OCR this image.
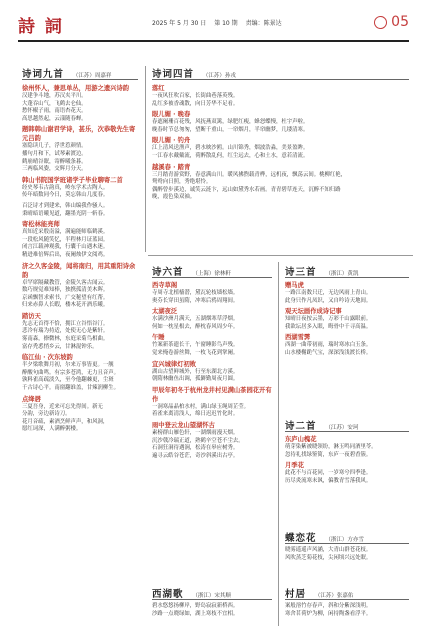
詩 詞	2025 年 5 月 30 日 第 10 期 责编：陈景达	05
诗词九首 （江苏）周嘉祥
徐州怀人，兼思单丛，用游之遗兴诗韵
汉建争斗地，苏汉夹平川。
大蓬吞山气，飞鹤去仑仙。
愁怀椒子雨，南语杏花天。
高思越然起，云漾随春蝉。
题韩韩山谢君学诗，甚乐，次恭敬先生寄元吕韵
塞隐读几子，浮世惹颜情。
播句月和下，试琴素渡边。
鹤崩晴谷眠，寄醉曦条暮。
三两临风姿，交辉月分天。
韩山书院国学班诸学子毕业聊寄二首
经史琴韦古韵真，岭东学术古陶人。
传年暗数同今日，莫忘韩山几度春。
百泛诗才到建来，韩山编我作骚人。
秉晴暗语曦见道，翻墨光阴一斩春。
寄松林能亮师
真知近采殷南溢，满遍能师临鹤溪。
一段松风随笑忆，半程林月证蓝园。
闭言江载神观我，行囊千山遇木迷。
精进难倍辉后出，夜阑烛伊文阅鸡。
济之久客金陵，闻将南归，用其重阳诗余韵
卓罕席隔藏教管，金陵久客古闻云。
数巧规觉难知棒，独携孤清美木晖。
京函飘智求索书，广交秘望有红帮。
归来赤鼻人长暇，楼木花开酒乐曦。
踏访天
先志无首得不恰，拥江立谷悟谷汀。
悲冷有瑞为持适，处使无心是紫轩。
雾南森，撩微林，东庭采菊鸟相曲。
富存秃悉悄乡云，甘淋混钟乐。
临江仙 · 次东坡韵
半夕梁歌舞月初，尔来万事皆更。一舰
醉酸句曲鸣。有宗多苍鸿，无力且音声。
孰料雀高疏淡久，至今他翻棘更，尘斑
千古诗心平。南窗翻谁盖，甘辣润柳生。
点绛唇
三夏吾身，近来可忘先得间。新无
分韵，旁边新诗刀。
花月音疏，素酒烹鲜声声，和风洞，
愿红词深，人满醉粥楼。
诗词四首 （江苏）孙戎
落红
一夜风狂吹百家，长街曲巷落英残。
乱红多被香魂散，向日芳华不足看。
眼儿媚 · 晚春
春遮阑珊百花残，风抚燕双篱，绿肥红瘦，蜂怒蝶慢，杜宇声啦。
晚春时节总匆匆，望断千重山，一帘烟月，半帘幽梦，几缕清寒。
眼儿媚 · 钓舟
江上清风送渔声，碧水映沙鸥。山川锦秀，烟波浩淼，美景盈眸。
一江春水戴戴流，荷醉散乱何，红尘远去，心和土水，意若清流。
越溪春 · 踏青
三月踏青游赏野，春意满山川。暖风拂煦载青桦，远机夜，飘荡云间。桃柳红艳，
鸳鸯向日照，秀绝堪怜。
偶醉曾步溪边，诚笑云涟卞，远山如黛秀水若画。青青碧草连天，沉醉不知归路
晚，霞色染双袖。
诗六首 （上海）徐林軒
西寺草阁
寺周寺北植樯潜，黛瓦轮枝墙松墙。
奥芬长穿田虽隋，冲寒后鸦周翔间。
太湖夜泛
水满沙洲月满天，五湖烟寒草浮烟。
何如一枕星根去，醉枕春风周少年。
午睡
竹案新茶遗长干，午窗睡影鸟声残。
觉来掩卷游丝舞，一枚飞花到掌阑。
宜兴城律灯初败
湖山古望鲜城外，行至东湖北方溪。
朝隋林幽鱼出调，孤僻勤周夜月圆。
甲辰年初冬于杭州龙井村见满山茶园花开有作
一洞寒晶晶柏水村，满山绿玉绳周芷莹。
着雀来离清浅人，绵日迟迟竹化时。
雨中登云龙山望湖怀古
素榜群山雁色轩，一湖烟雨漫天烟。
沉沙戟冷瑞正道，熟鹤辛空苍不尘去。
石洞狂洞待遇涧，松涛在皋应树秀。
遍寻云皓谷苍茫，奇沙斜溪出古亭。
西湖歌 （浙江）宋其顺
碧水悠悠扬柳岸，野岛寂寂新桥西。
沙路一点晓绿如，湖上寒枝不宜相。
诗三首 （浙江）黄凯
赠马虎
一路江南数只迁，无边风雨上青山。
此身只作凡凤识，又自吟诗天地间。
观天坛画作成诗记事
知晴日夜按云墨，万彩千山露眼前。
我欲坛居多入眼，晦骨中千寻高温。
西湖雪霁
西湖一曲带初雨，瑞时寒冰白玉条。
山水楼榭跪气宝，深深浅浅渡长桥。
诗二首 （江苏）安珂
东庐山槐花
萌芽染紫被晓领纷，淋玉鸣同酒里苓。
忽待礼找绿鉴简，东庐一夜碧香簇。
月季花
此花不与百花同，一岁寒兮四季逢。
历尽炎流寒未讽，偏教青雪落我风。
蝶恋花 （浙江）方亦雪
晓雾遥遥声风涵，大青山群苍花枝。
风吹蒸芝菊花枝，尖闲顷兴远处眠。
村居 （江苏）张嘉佑
案般溶竹存春声，斜和分紫深浅明。
寒舍茗荷炉为柳，闲持陶盏看浮平。
